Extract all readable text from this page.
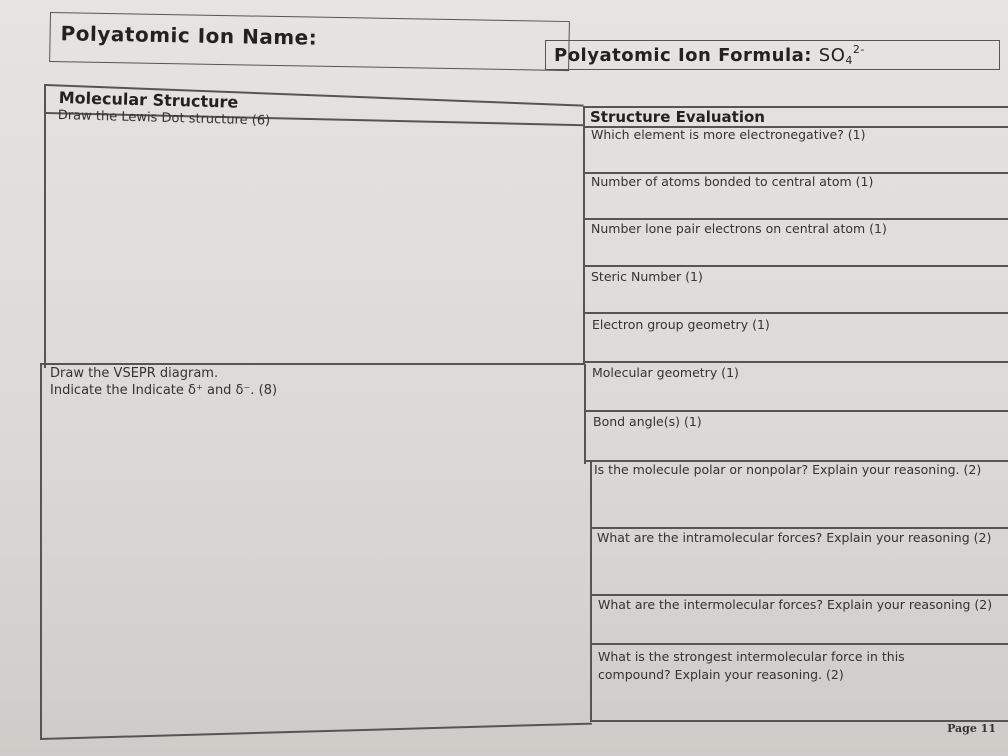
Polyatomic Ion Name:
Polyatomic Ion Formula: $SO_4^{2-}$
Molecular Structure
Draw the Lewis Dot structure (6)
Draw the VSEPR diagram.
Indicate the Indicate δ⁺ and δ⁻. (8)
Structure Evaluation
Which element is more electronegative? (1)
Number of atoms bonded to central atom (1)
Number lone pair electrons on central atom (1)
Steric Number (1)
Electron group geometry (1)
Molecular geometry (1)
Bond angle(s) (1)
Is the molecule polar or nonpolar? Explain your reasoning. (2)
What are the intramolecular forces? Explain your reasoning (2)
What are the intermolecular forces? Explain your reasoning (2)
What is the strongest intermolecular force in this compound? Explain your reasoning. (2)
Page 11
